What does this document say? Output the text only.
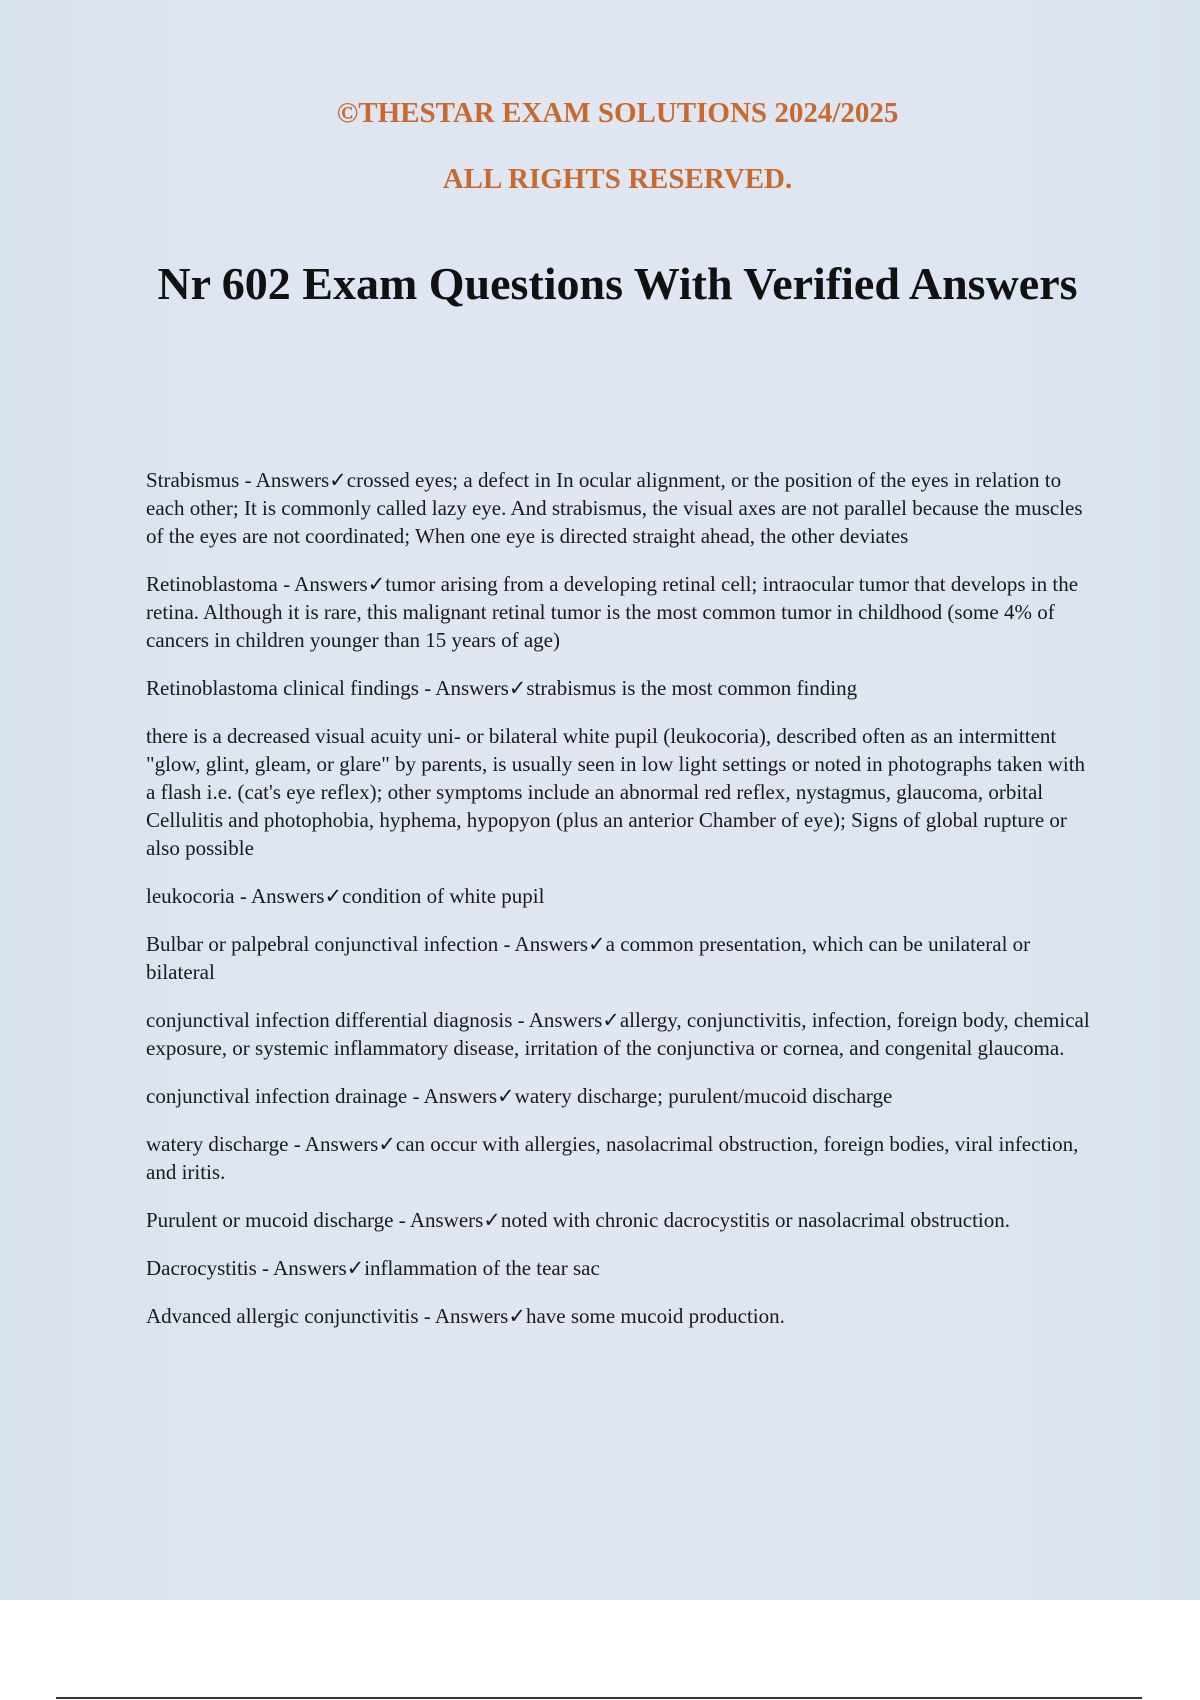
©THESTAR EXAM SOLUTIONS 2024/2025
ALL RIGHTS RESERVED.
Nr 602 Exam Questions With Verified Answers

Strabismus - Answers✓crossed eyes; a defect in In ocular alignment, or the position of the eyes in relation to each other; It is commonly called lazy eye. And strabismus, the visual axes are not parallel because the muscles of the eyes are not coordinated; When one eye is directed straight ahead, the other deviates

Retinoblastoma - Answers✓tumor arising from a developing retinal cell; intraocular tumor that develops in the retina. Although it is rare, this malignant retinal tumor is the most common tumor in childhood (some 4% of cancers in children younger than 15 years of age)

Retinoblastoma clinical findings - Answers✓strabismus is the most common finding

there is a decreased visual acuity uni- or bilateral white pupil (leukocoria), described often as an intermittent "glow, glint, gleam, or glare" by parents, is usually seen in low light settings or noted in photographs taken with a flash i.e. (cat's eye reflex); other symptoms include an abnormal red reflex, nystagmus, glaucoma, orbital Cellulitis and photophobia, hyphema, hypopyon (plus an anterior Chamber of eye); Signs of global rupture or also possible

leukocoria - Answers✓condition of white pupil

Bulbar or palpebral conjunctival infection - Answers✓a common presentation, which can be unilateral or bilateral

conjunctival infection differential diagnosis - Answers✓allergy, conjunctivitis, infection, foreign body, chemical exposure, or systemic inflammatory disease, irritation of the conjunctiva or cornea, and congenital glaucoma.

conjunctival infection drainage - Answers✓watery discharge; purulent/mucoid discharge

watery discharge - Answers✓can occur with allergies, nasolacrimal obstruction, foreign bodies, viral infection, and iritis.

Purulent or mucoid discharge - Answers✓noted with chronic dacrocystitis or nasolacrimal obstruction.

Dacrocystitis - Answers✓inflammation of the tear sac

Advanced allergic conjunctivitis - Answers✓have some mucoid production.
